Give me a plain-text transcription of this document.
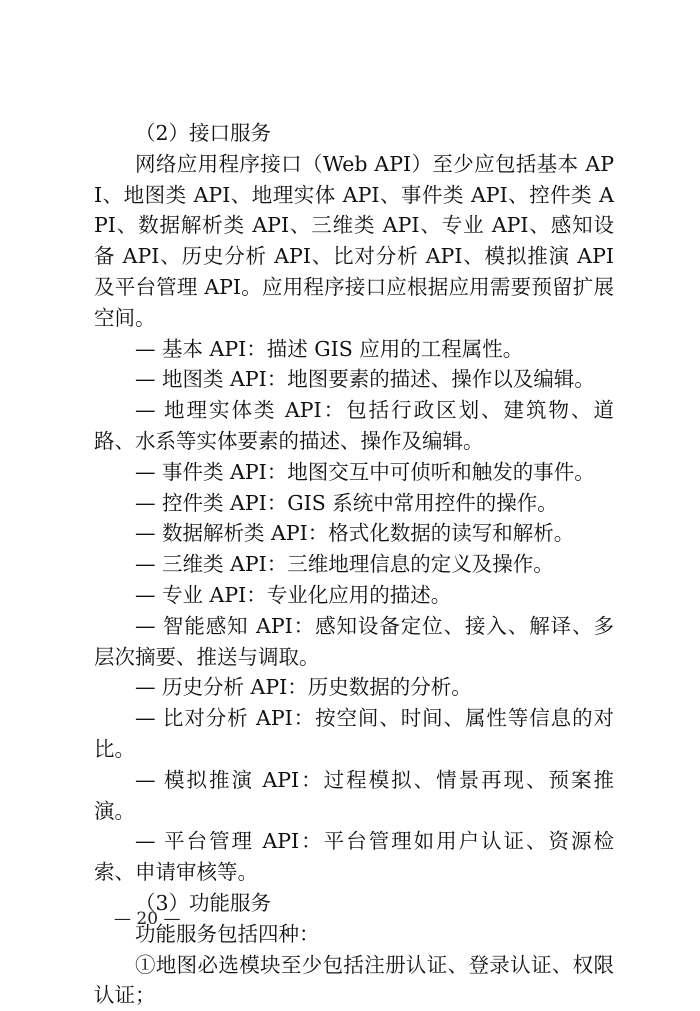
（2）接口服务

网络应用程序接口（Web API）至少应包括基本 API、地图类 API、地理实体 API、事件类 API、控件类 API、数据解析类 API、三维类 API、专业 API、感知设备 API、历史分析 API、比对分析 API、模拟推演 API 及平台管理 API。应用程序接口应根据应用需要预留扩展空间。

— 基本 API：描述 GIS 应用的工程属性。

— 地图类 API：地图要素的描述、操作以及编辑。

— 地理实体类 API：包括行政区划、建筑物、道路、水系等实体要素的描述、操作及编辑。

— 事件类 API：地图交互中可侦听和触发的事件。

— 控件类 API：GIS 系统中常用控件的操作。

— 数据解析类 API：格式化数据的读写和解析。

— 三维类 API：三维地理信息的定义及操作。

— 专业 API：专业化应用的描述。

— 智能感知 API：感知设备定位、接入、解译、多层次摘要、推送与调取。

— 历史分析 API：历史数据的分析。

— 比对分析 API：按空间、时间、属性等信息的对比。

— 模拟推演 API：过程模拟、情景再现、预案推演。

— 平台管理 API：平台管理如用户认证、资源检索、申请审核等。

（3）功能服务

功能服务包括四种：

①地图必选模块至少包括注册认证、登录认证、权限认证；

— 20 —
